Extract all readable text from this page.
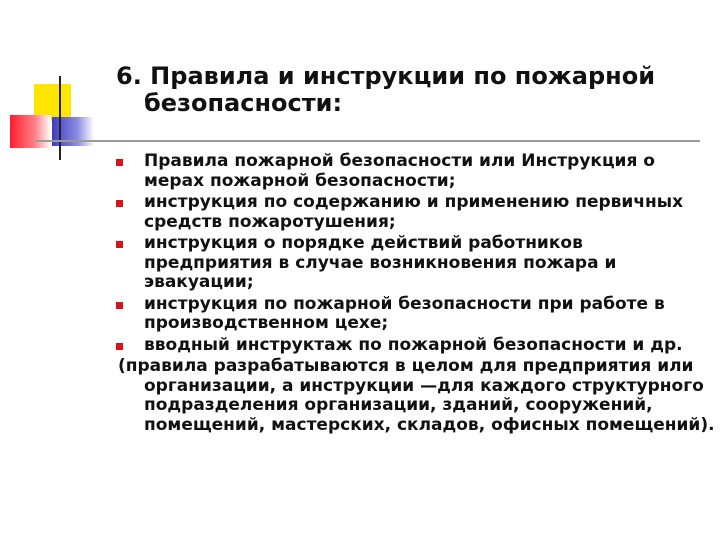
6. Правила и инструкции по пожарной безопасности:
Правила пожарной безопасности или Инструкция о мерах пожарной безопасности;
инструкция по содержанию и применению первичных средств пожаротушения;
инструкция о порядке действий работников предприятия в случае возникновения пожара и эвакуации;
инструкция по пожарной безопасности при работе в производственном цехе;
вводный инструктаж по пожарной безопасности и др.
(правила разрабатываются в целом для предприятия или организации, а инструкции —для каждого структурного подразделения организации, зданий, сооружений, помещений, мастерских, складов, офисных помещений).
